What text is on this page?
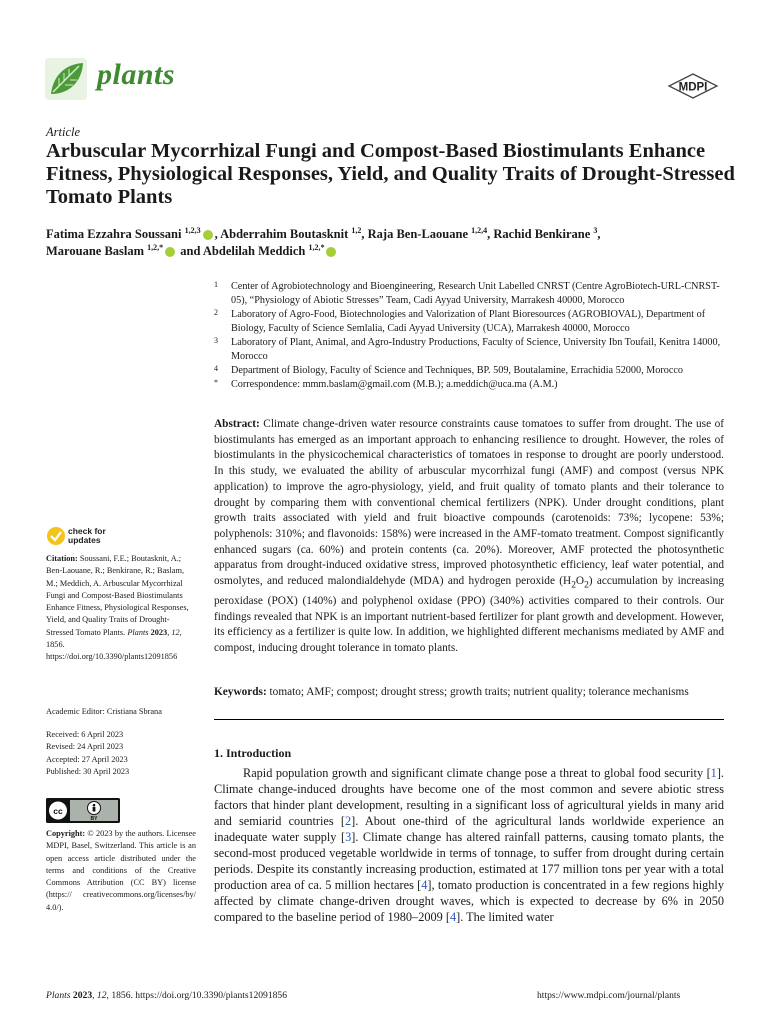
plants	MDPI
Article
Arbuscular Mycorrhizal Fungi and Compost-Based Biostimulants Enhance Fitness, Physiological Responses, Yield, and Quality Traits of Drought-Stressed Tomato Plants
Fatima Ezzahra Soussani $^{1,2,3}$ , Abderrahim Boutasknit $^{1,2}$, Raja Ben-Laouane $^{1,2,4}$, Rachid Benkirane $^3$,
Marouane Baslam $^{1,2,*}$ and Abdelilah Meddich $^{1,2,*}$
1	Center of Agrobiotechnology and Bioengineering, Research Unit Labelled CNRST (Centre AgroBiotech-URL-CNRST-05), “Physiology of Abiotic Stresses” Team, Cadi Ayyad University, Marrakesh 40000, Morocco
2	Laboratory of Agro-Food, Biotechnologies and Valorization of Plant Bioresources (AGROBIOVAL), Department of Biology, Faculty of Science Semlalia, Cadi Ayyad University (UCA), Marrakesh 40000, Morocco
3	Laboratory of Plant, Animal, and Agro-Industry Productions, Faculty of Science, University Ibn Toufail, Kenitra 14000, Morocco
4	Department of Biology, Faculty of Science and Techniques, BP. 509, Boutalamine, Errachidia 52000, Morocco
*	Correspondence: mmm.baslam@gmail.com (M.B.); a.meddich@uca.ma (A.M.)
Abstract: Climate change-driven water resource constraints cause tomatoes to suffer from drought. The use of biostimulants has emerged as an important approach to enhancing resilience to drought. However, the roles of biostimulants in the physicochemical characteristics of tomatoes in response to drought are poorly understood. In this study, we evaluated the ability of arbuscular mycorrhizal fungi (AMF) and compost (versus NPK application) to improve the agro-physiology, yield, and fruit quality of tomato plants and their tolerance to drought by comparing them with conventional chemical fertilizers (NPK). Under drought conditions, plant growth traits associated with yield and fruit bioactive compounds (carotenoids: 73%; lycopene: 53%; polyphenols: 310%; and flavonoids: 158%) were increased in the AMF-tomato treatment. Compost significantly enhanced sugars (ca. 60%) and protein contents (ca. 20%). Moreover, AMF protected the photosynthetic apparatus from drought-induced oxidative stress, improved photosynthetic efficiency, leaf water potential, and osmolytes, and reduced malondialdehyde (MDA) and hydrogen peroxide $(H_2O_2)$ accumulation by increasing peroxidase (POX) (140%) and polyphenol oxidase (PPO) (340%) activities compared to their controls. Our findings revealed that NPK is an important nutrient-based fertilizer for plant growth and development. However, its efficiency as a fertilizer is quite low. In addition, we highlighted different mechanisms mediated by AMF and compost, inducing drought tolerance in tomato plants.
Keywords: tomato; AMF; compost; drought stress; growth traits; nutrient quality; tolerance mechanisms
1. Introduction
Rapid population growth and significant climate change pose a threat to global food security [1]. Climate change-induced droughts have become one of the most common and severe abiotic stress factors that hinder plant development, resulting in a significant loss of agricultural yields in many arid and semiarid countries [2]. About one-third of the agricultural lands worldwide experience an inadequate water supply [3]. Climate change has altered rainfall patterns, causing tomato plants, the second-most produced vegetable worldwide in terms of tonnage, to suffer from drought during certain periods. Despite its constantly increasing production, estimated at 177 million tons per year with a total production area of ca. 5 million hectares [4], tomato production is concentrated in a few regions highly affected by climate change-driven drought waves, which is expected to decrease by 6% in 2050 compared to the baseline period of 1980–2009 [4]. The limited water
check for
updates
Citation: Soussani, F.E.; Boutasknit, A.; Ben-Laouane, R.; Benkirane, R.; Baslam, M.; Meddich, A. Arbuscular Mycorrhizal Fungi and Compost-Based Biostimulants Enhance Fitness, Physiological Responses, Yield, and Quality Traits of Drought-Stressed Tomato Plants. Plants 2023, 12, 1856. https://doi.org/10.3390/plants12091856
Academic Editor: Cristiana Sbrana
Received: 6 April 2023
Revised: 24 April 2023
Accepted: 27 April 2023
Published: 30 April 2023
cc
BY
Copyright: © 2023 by the authors. Licensee MDPI, Basel, Switzerland. This article is an open access article distributed under the terms and conditions of the Creative Commons Attribution (CC BY) license (https:// creativecommons.org/licenses/by/ 4.0/).
Plants 2023, 12, 1856. https://doi.org/10.3390/plants12091856	https://www.mdpi.com/journal/plants
